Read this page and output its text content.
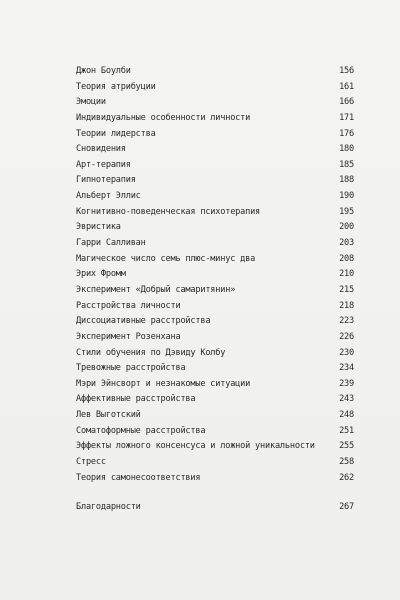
Джон Боулби	156
Теория атрибуции	161
Эмоции	166
Индивидуальные особенности личности	171
Теории лидерства	176
Сновидения	180
Арт-терапия	185
Гипнотерапия	188
Альберт Эллис	190
Когнитивно-поведенческая психотерапия	195
Эвристика	200
Гарри Салливан	203
Магическое число семь плюс-минус два	208
Эрих Фромм	210
Эксперимент «Добрый самаритянин»	215
Расстройства личности	218
Диссоциативные расстройства	223
Эксперимент Розенхана	226
Стили обучения по Дэвиду Колбу	230
Тревожные расстройства	234
Мэри Эйнсворт и незнакомые ситуации	239
Аффективные расстройства	243
Лев Выготский	248
Соматоформные расстройства	251
Эффекты ложного консенсуса и ложной уникальности	255
Стресс	258
Теория самонесоответствия	262
Благодарности	267
